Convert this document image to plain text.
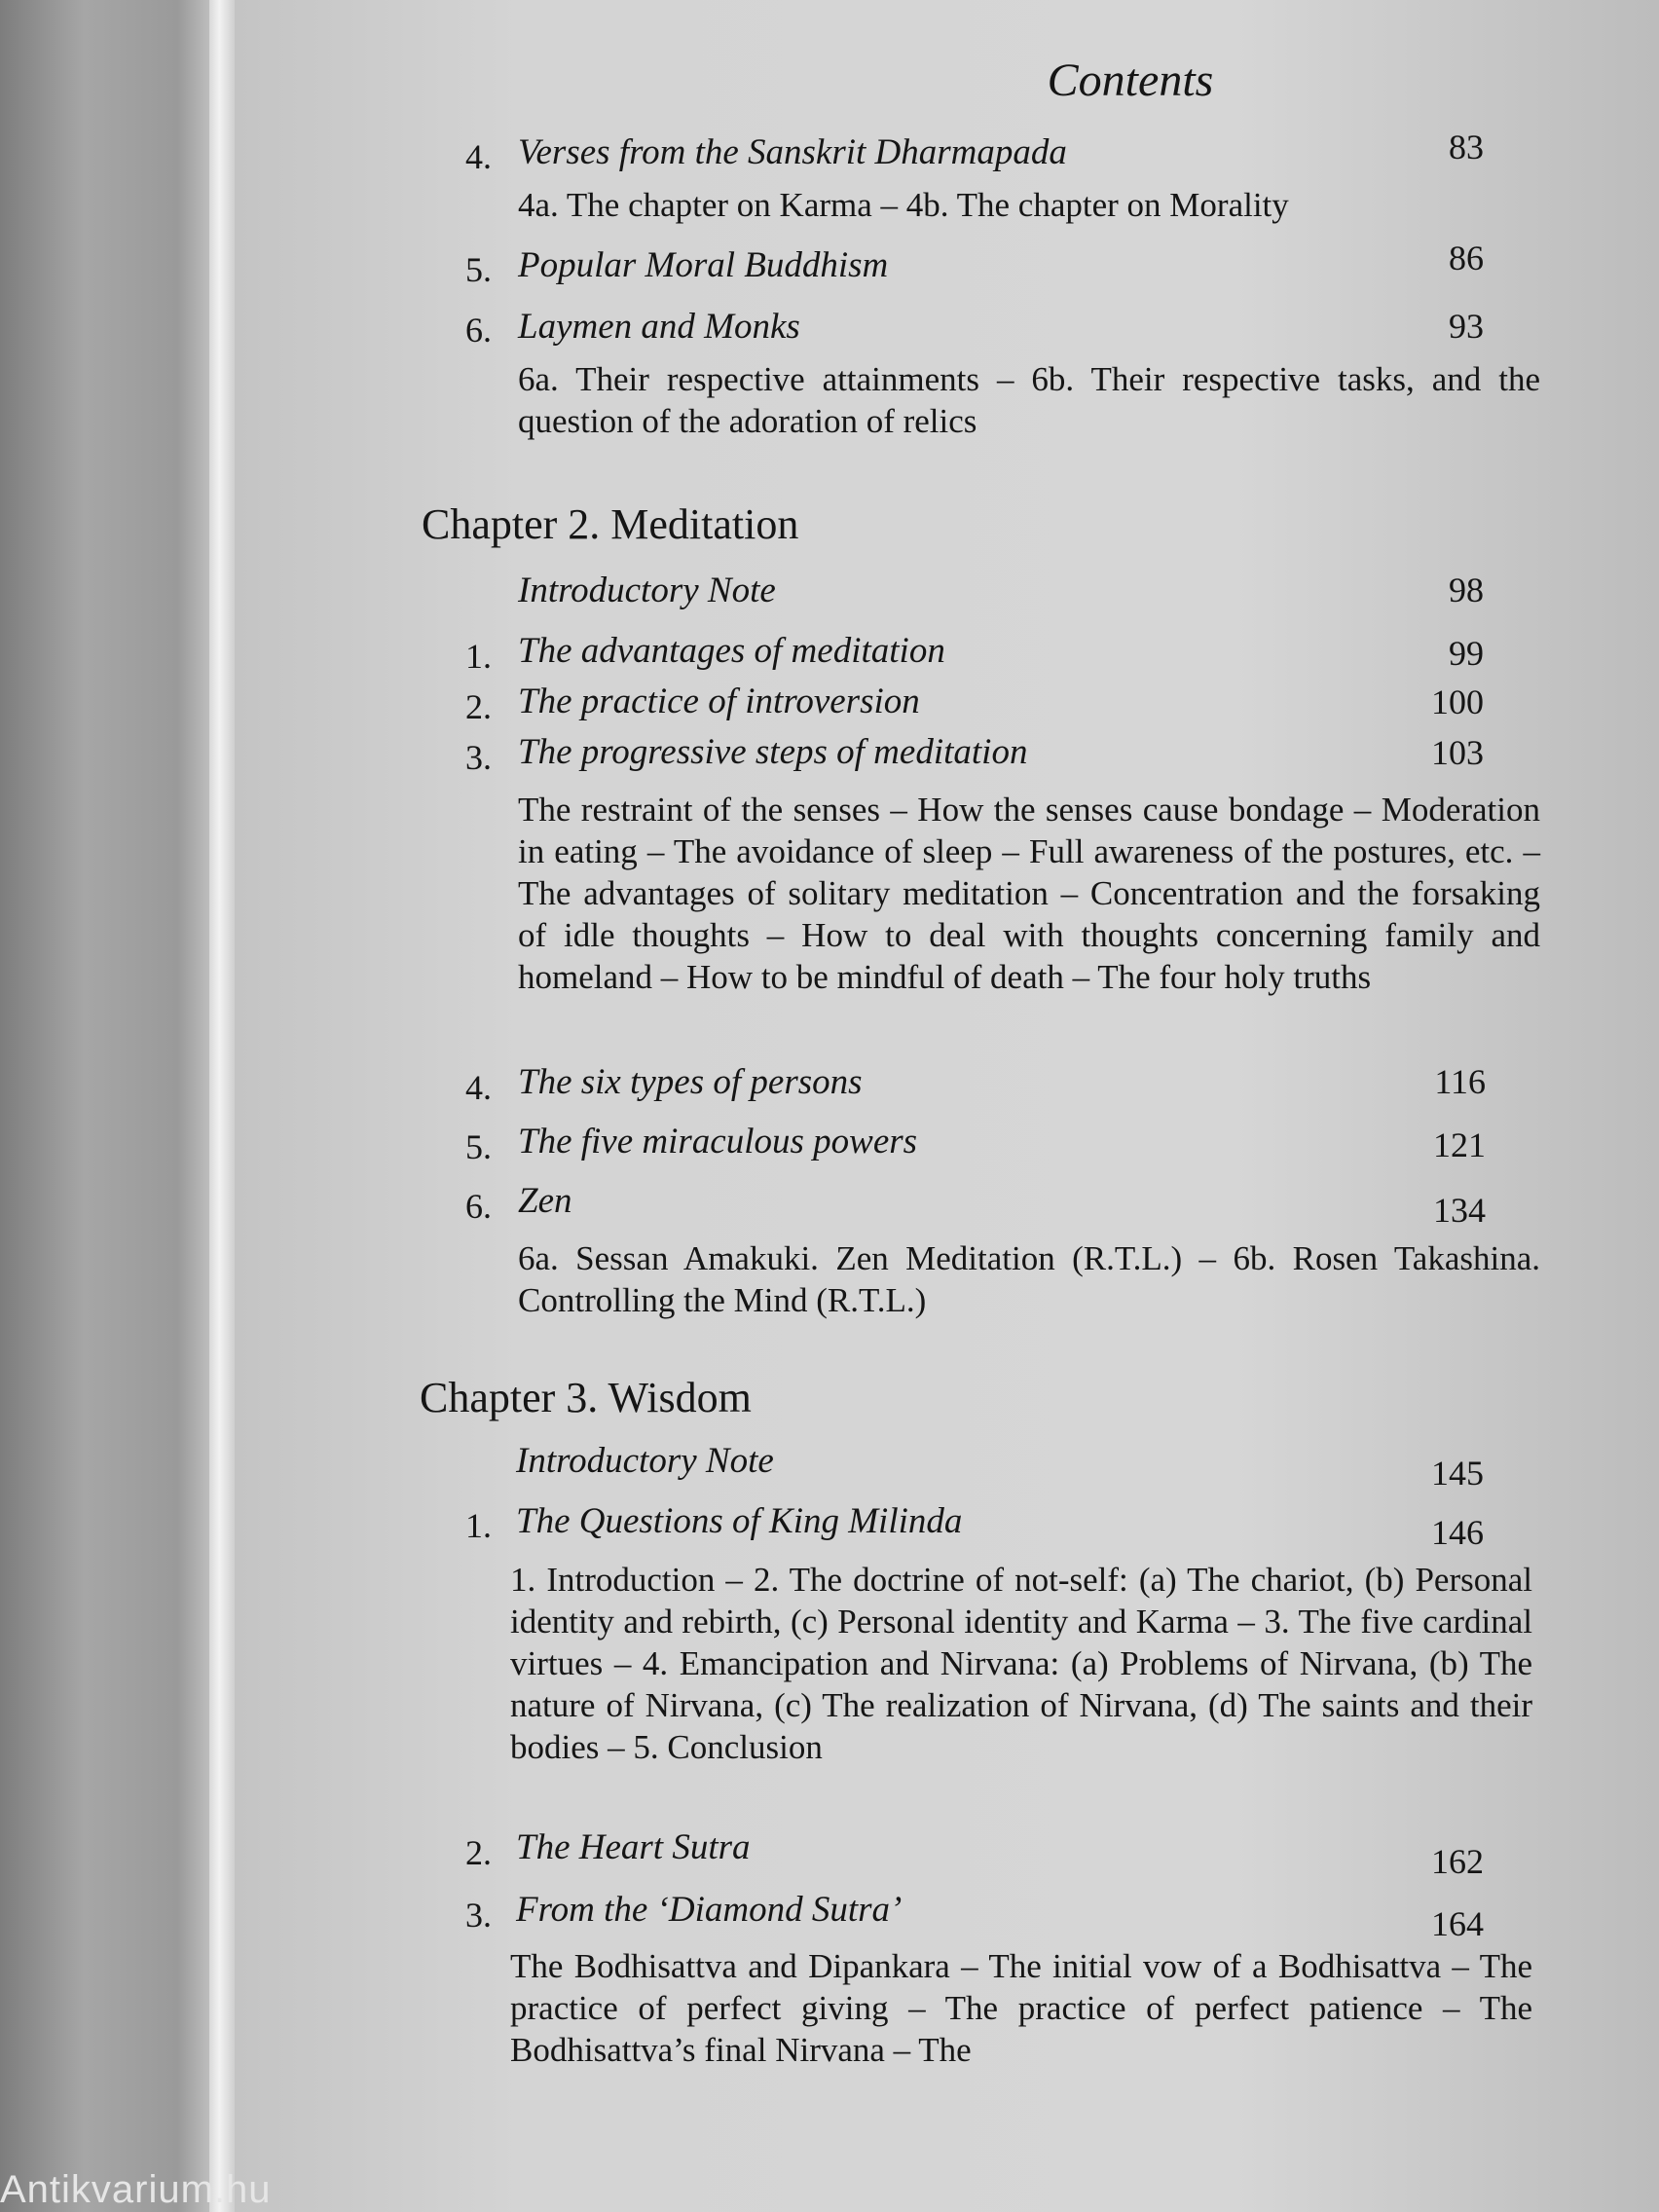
Contents
4. Verses from the Sanskrit Dharmapada	83
4a. The chapter on Karma – 4b. The chapter on Morality
5. Popular Moral Buddhism	86
6. Laymen and Monks	93
6a. Their respective attainments – 6b. Their respective tasks, and the question of the adoration of relics
Chapter 2. Meditation
Introductory Note	98
1. The advantages of meditation	99
2. The practice of introversion	100
3. The progressive steps of meditation	103
The restraint of the senses – How the senses cause bondage – Moderation in eating – The avoidance of sleep – Full awareness of the postures, etc. – The advantages of solitary meditation – Concentration and the forsaking of idle thoughts – How to deal with thoughts concerning family and homeland – How to be mindful of death – The four holy truths
4. The six types of persons	116
5. The five miraculous powers	121
6. Zen	134
6a. Sessan Amakuki. Zen Meditation (R.T.L.) – 6b. Rosen Takashina. Controlling the Mind (R.T.L.)
Chapter 3. Wisdom
Introductory Note	145
1. The Questions of King Milinda	146
1. Introduction – 2. The doctrine of not-self: (a) The chariot, (b) Personal identity and rebirth, (c) Personal identity and Karma – 3. The five cardinal virtues – 4. Emancipation and Nirvana: (a) Problems of Nirvana, (b) The nature of Nirvana, (c) The realization of Nirvana, (d) The saints and their bodies – 5. Conclusion
2. The Heart Sutra	162
3. From the ‘Diamond Sutra’	164
The Bodhisattva and Dipankara – The initial vow of a Bodhisattva – The practice of perfect giving – The practice of perfect patience – The Bodhisattva’s final Nirvana – The
Antikvarium.hu
